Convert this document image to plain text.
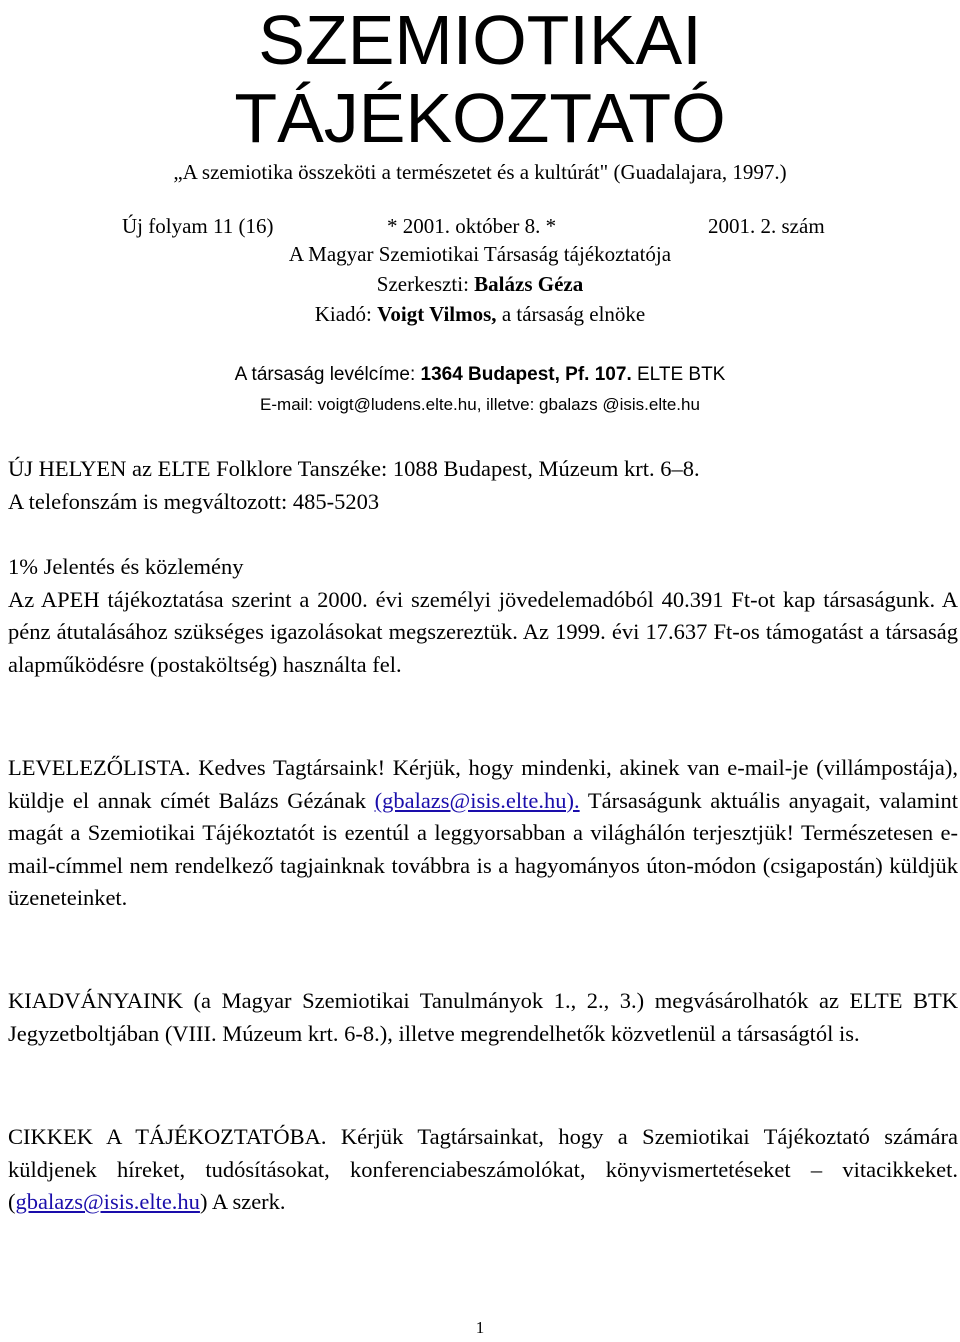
SZEMIOTIKAI
TÁJÉKOZTATÓ
„A szemiotika összeköti a természetet és a kultúrát" (Guadalajara, 1997.)
Új folyam 11 (16)	* 2001. október 8. *	2001. 2. szám
A Magyar Szemiotikai Társaság tájékoztatója
Szerkeszti: Balázs Géza
Kiadó: Voigt Vilmos, a társaság elnöke
A társaság levélcíme: 1364 Budapest, Pf. 107. ELTE BTK
E-mail: voigt@ludens.elte.hu, illetve: gbalazs @isis.elte.hu

ÚJ HELYEN az ELTE Folklore Tanszéke: 1088 Budapest, Múzeum krt. 6–8.

A telefonszám is megváltozott: 485-5203

1% Jelentés és közlemény

Az APEH tájékoztatása szerint a 2000. évi személyi jövedelemadóból 40.391 Ft-ot kap társaságunk. A pénz átutalásához szükséges igazolásokat megszereztük. Az 1999. évi 17.637 Ft-os támogatást a társaság alapműködésre (postaköltség) használta fel.

LEVELEZŐLISTA. Kedves Tagtársaink! Kérjük, hogy mindenki, akinek van e-mail-je (villámpostája), küldje el annak címét Balázs Gézának (gbalazs@isis.elte.hu). Társaságunk aktuális anyagait, valamint magát a Szemiotikai Tájékoztatót is ezentúl a leggyorsabban a világhálón terjesztjük! Természetesen e-mail-címmel nem rendelkező tagjainknak továbbra is a hagyományos úton-módon (csigapostán) küldjük üzeneteinket.

KIADVÁNYAINK (a Magyar Szemiotikai Tanulmányok 1., 2., 3.) megvásárolhatók az ELTE BTK Jegyzetboltjában (VIII. Múzeum krt. 6-8.), illetve megrendelhetők közvetlenül a társaságtól is.

CIKKEK A TÁJÉKOZTATÓBA. Kérjük Tagtársainkat, hogy a Szemiotikai Tájékoztató számára küldjenek híreket, tudósításokat, konferenciabeszámolókat, könyvismertetéseket – vitacikkeket. (gbalazs@isis.elte.hu) A szerk.

1
